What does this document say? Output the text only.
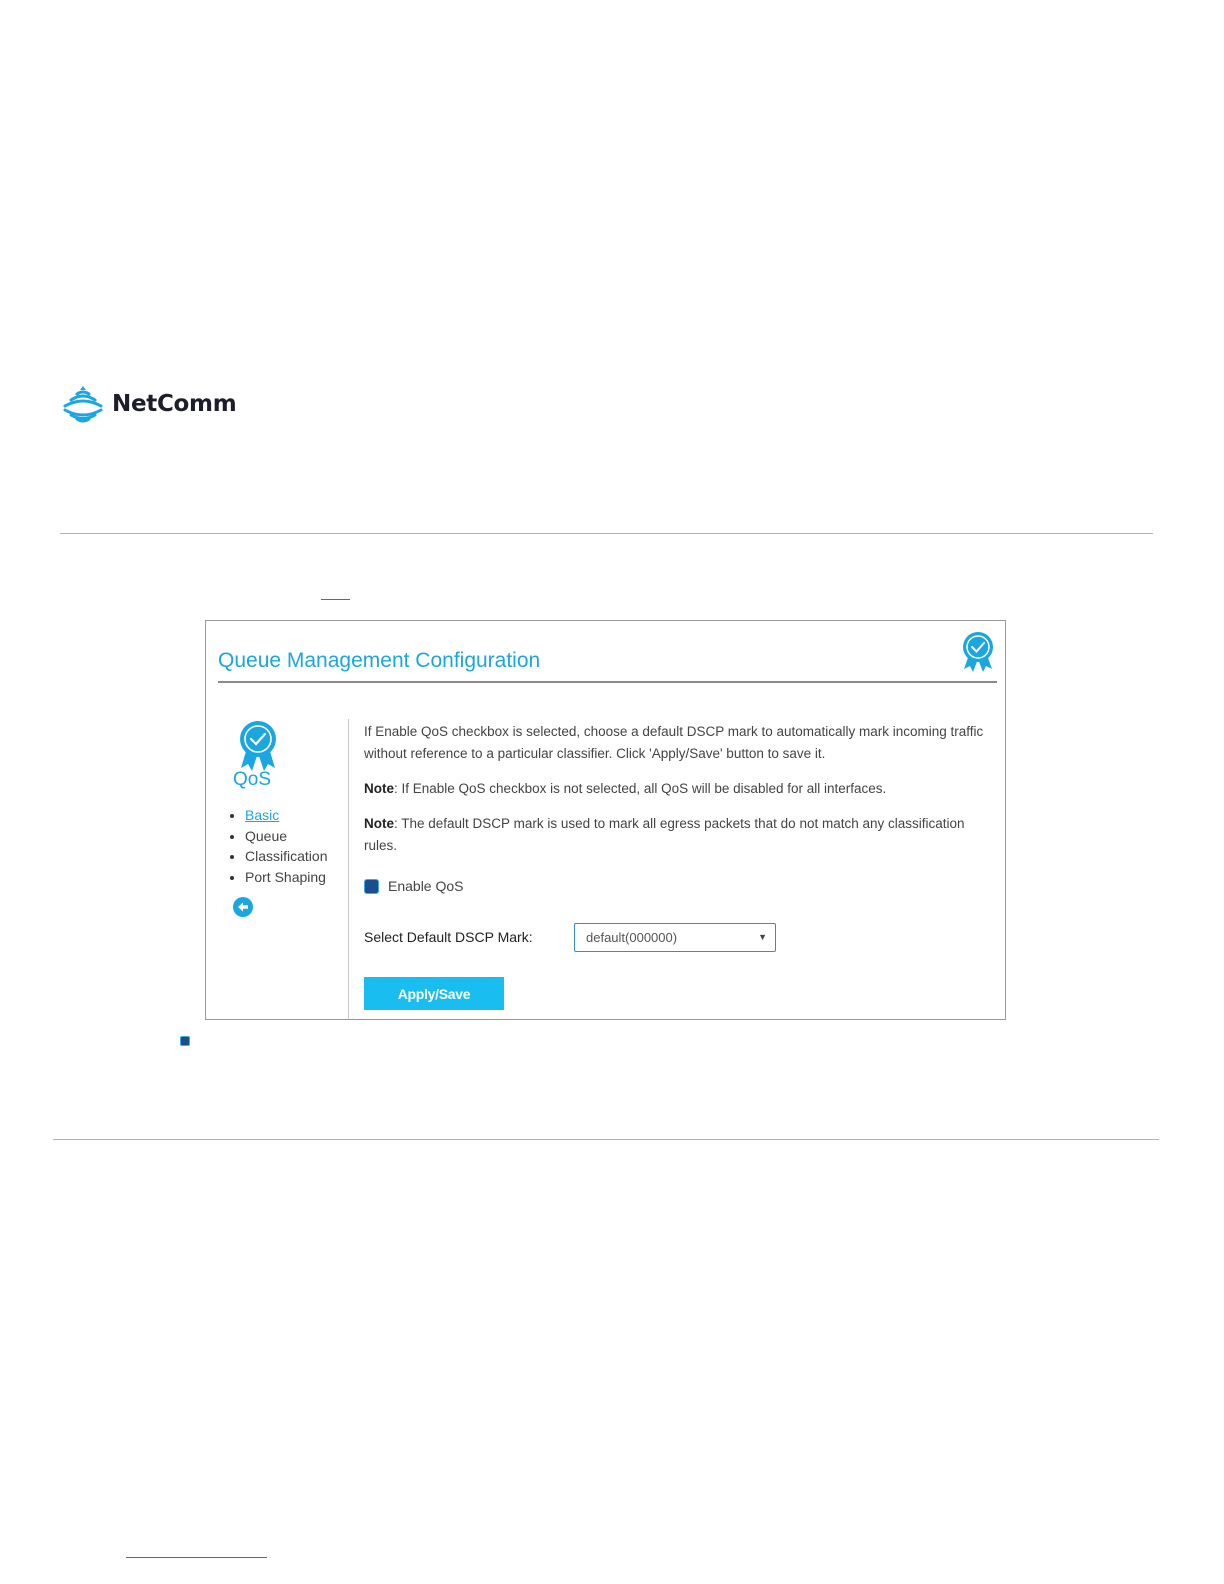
NetComm
Queue Management Configuration
QoS
Basic
Queue
Classification
Port Shaping

If Enable QoS checkbox is selected, choose a default DSCP mark to automatically mark incoming traffic without reference to a particular classifier. Click 'Apply/Save' button to save it.

Note: If Enable QoS checkbox is not selected, all QoS will be disabled for all interfaces.

Note: The default DSCP mark is used to mark all egress packets that do not match any classification rules.

Enable QoS
Select Default DSCP Mark:	default(000000)	▼
Apply/Save
